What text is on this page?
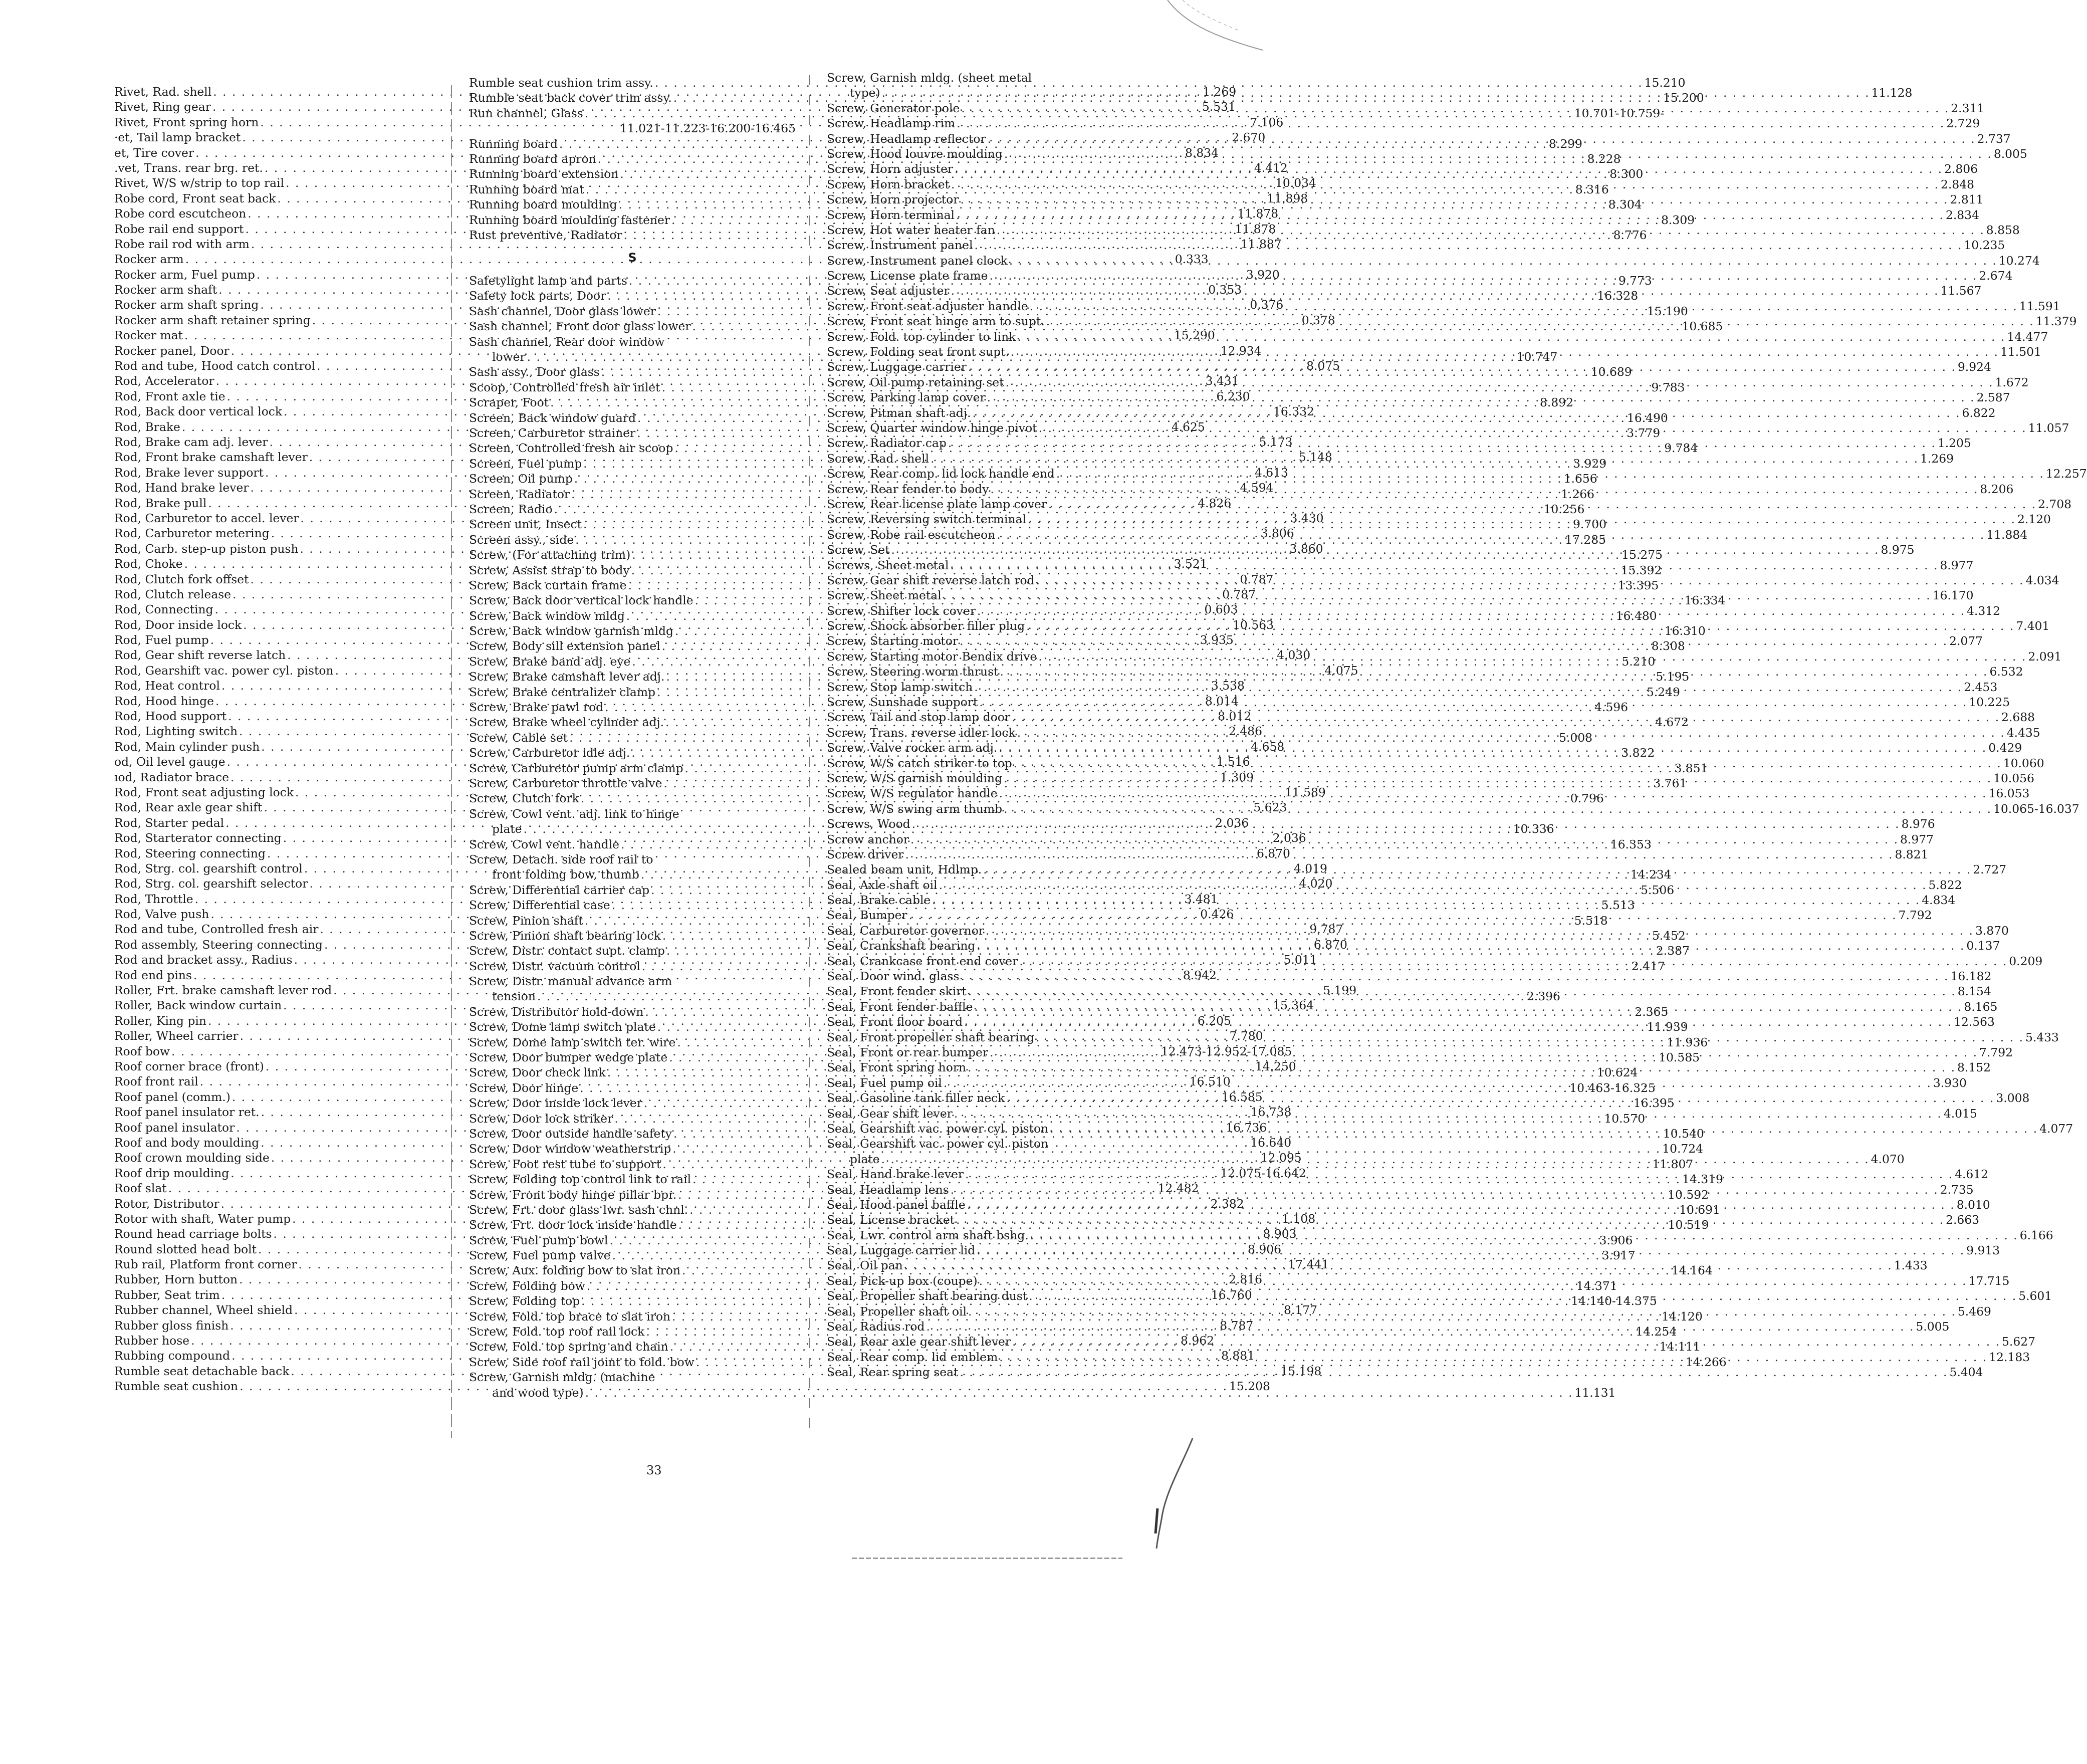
Rivet, Rad. shell . . .	1.269
Rivet, Ring gear . . .	5.531
Rivet, Front spring horn . . .	7.106
·et, Tail lamp bracket . . .	2.670
et, Tire cover . . .	8.834
.vet, Trans. rear brg. ret. . . .	4.412
Rivet, W/S w/strip to top rail . . .	10.034
Robe cord, Front seat back . . .	11.898
Robe cord escutcheon . . .	11.878
Robe rail end support . . .	11.878
Robe rail rod with arm . . .	11.887
Rocker arm . . .	0.333
Rocker arm, Fuel pump . . .	3.920
Rocker arm shaft . . .	0.353
Rocker arm shaft spring . . .	0.376
Rocker arm shaft retainer spring . . .	0.378
Rocker mat . . .	15.290
Rocker panel, Door . . .	12.934
Rod and tube, Hood catch control . . .	8.075
Rod, Accelerator . . .	3.431
Rod, Front axle tie . . .	6.230
Rod, Back door vertical lock . . .	16.332
Rod, Brake . . .	4.625
Rod, Brake cam adj. lever . . .	5.173
Rod, Front brake camshaft lever . . .	5.148
Rod, Brake lever support . . .	4.613
Rod, Hand brake lever . . .	4.594
Rod, Brake pull . . .	4.826
Rod, Carburetor to accel. lever . . .	3.430
Rod, Carburetor metering . . .	3.806
Rod, Carb. step-up piston push . . .	3.860
Rod, Choke . . .	3.521
Rod, Clutch fork offset . . .	0.787
Rod, Clutch release . . .	0.787
Rod, Connecting . . .	0.603
Rod, Door inside lock . . .	10.563
Rod, Fuel pump . . .	3.935
Rod, Gear shift reverse latch . . .	4.030
Rod, Gearshift vac. power cyl. piston . . .	4.075
Rod, Heat control . . .	3.538
Rod, Hood hinge . . .	8.014
Rod, Hood support . . .	8.012
Rod, Lighting switch . . .	2.486
Rod, Main cylinder push . . .	4.658
od, Oil level gauge . . .	1.516
ıod, Radiator brace . . .	1.309
Rod, Front seat adjusting lock . . .	11.589
Rod, Rear axle gear shift . . .	5.623
Rod, Starter pedal . . .	2.036
Rod, Starterator connecting . . .	2.036
Rod, Steering connecting . . .	6.870
Rod, Strg. col. gearshift control . . .	4.019
Rod, Strg. col. gearshift selector . . .	4.020
Rod, Throttle . . .	3.481
Rod, Valve push . . .	0.426
Rod and tube, Controlled fresh air . . .	9.787
Rod assembly, Steering connecting . . .	6.870
Rod and bracket assy., Radius . . .	5.011
Rod end pins . . .	8.942
Roller, Frt. brake camshaft lever rod . . .	5.199
Roller, Back window curtain . . .	15.364
Roller, King pin . . .	6.205
Roller, Wheel carrier . . .	7.780
Roof bow . . .	12.473-12.952-17.085
Roof corner brace (front) . . .	14.250
Roof front rail . . .	16.510
Roof panel (comm.) . . .	16.585
Roof panel insulator ret. . . .	16.738
Roof panel insulator . . .	16.736
Roof and body moulding . . .	16.640
Roof crown moulding side . . .	12.095
Roof drip moulding . . .	12.075-16.642
Roof slat . . .	12.482
Rotor, Distributor . . .	2.382
Rotor with shaft, Water pump . . .	1.108
Round head carriage bolts . . .	8.903
Round slotted head bolt . . .	8.906
Rub rail, Platform front corner . . .	17.441
Rubber, Horn button . . .	2.816
Rubber, Seat trim . . .	16.760
Rubber channel, Wheel shield . . .	8.177
Rubber gloss finish . . .	8.787
Rubber hose . . .	8.962
Rubbing compound . . .	8.881
Rumble seat detachable back . . .	15.198
Rumble seat cushion . . .	15.208
Rumble seat cushion trim assy. . . .	15.210
Rumble seat back cover trim assy. . . .	15.200
Run channel, Glass . . .	10.701-10.759-
11.021-11.223-16.200-16.465
Running board . . .	8.299
Running board apron . . .	8.228
Running board extension . . .	8.300
Running board mat . . .	8.316
Running board moulding . . .	8.304
Running board moulding fastener . . .	8.309
Rust preventive, Radiator . . .	8.776
S
Safetylight lamp and parts . . .	9.773
Safety lock parts, Door . . .	16.328
Sash channel, Door glass lower . . .	15.190
Sash channel, Front door glass lower . . .	10.685
Sash channel, Rear door window
lower . . .	10.747
Sash assy., Door glass . . .	10.689
Scoop, Controlled fresh air inlet . . .	9.783
Scraper, Foot . . .	8.892
Screen, Back window guard . . .	16.490
Screen, Carburetor strainer . . .	3.779
Screen, Controlled fresh air scoop . . .	9.784
Screen, Fuel pump . . .	3.929
Screen, Oil pump . . .	1.656
Screen, Radiator . . .	1.266
Screen, Radio . . .	10.256
Screen unit, Insect . . .	9.700
Screen assy., side . . .	17.285
Screw, (For attaching trim) . . .	15.275
Screw, Assist strap to body . . .	15.392
Screw, Back curtain frame . . .	13.395
Screw, Back door vertical lock handle . . .	16.334
Screw, Back window mldg . . .	16.480
Screw, Back window garnish mldg . . .	16.310
Screw, Body sill extension panel . . .	8.308
Screw, Brake band adj. eye . . .	5.210
Screw, Brake camshaft lever adj. . . .	5.195
Screw, Brake centralizer clamp . . .	5.249
Screw, Brake pawl rod . . .	4.596
Screw, Brake wheel cylinder adj. . . .	4.672
Screw, Cable set . . .	5.008
Screw, Carburetor idle adj. . . .	3.822
Screw, Carburetor pump arm clamp . . .	3.851
Screw, Carburetor throttle valve . . .	3.761
Screw, Clutch fork . . .	0.796
Screw, Cowl vent. adj. link to hinge
plate . . .	10.336
Screw, Cowl vent. handle . . .	16.353
Screw, Detach. side roof rail to
front folding bow, thumb . . .	14.234
Screw, Differential carrier cap . . .	5.506
Screw, Differential case . . .	5.513
Screw, Pinion shaft . . .	5.518
Screw, Pinion shaft bearing lock . . .	5.452
Screw, Distr. contact supt. clamp . . .	2.387
Screw, Distr. vacuum control . . .	2.417
Screw, Distr. manual advance arm
tension . . .	2.396
Screw, Distributor hold-down . . .	2.365
Screw, Dome lamp switch plate . . .	11.939
Screw, Dome lamp switch ter. wire . . .	11.936
Screw, Door bumper wedge plate . . .	10.585
Screw, Door check link . . .	10.624
Screw, Door hinge . . .	10.463-16.325
Screw, Door inside lock lever . . .	16.395
Screw, Door lock striker . . .	10.570
Screw, Door outside handle safety . . .	10.540
Screw, Door window weatherstrip . . .	10.724
Screw, Foot rest tube to support . . .	11.807
Screw, Folding top control link to rail . . .	14.319
Screw, Front body hinge pillar bpr. . . .	10.592
Screw, Frt. door glass lwr. sash chnl. . . .	10.691
Screw, Frt. door lock inside handle . . .	10.519
Screw, Fuel pump bowl . . .	3.906
Screw, Fuel pump valve . . .	3.917
Screw, Aux. folding bow to slat iron . . .	14.164
Screw, Folding bow . . .	14.371
Screw, Folding top . . .	14.140-14.375
Screw, Fold. top brace to slat iron . . .	14.120
Screw, Fold. top roof rail lock . . .	14.254
Screw, Fold. top spring and chain . . .	14.111
Screw, Side roof rail joint to fold. bow . . .	14.266
Screw, Garnish mldg. (machine
and wood type) . . .	11.131
Screw, Garnish mldg. (sheet metal
type) . . .	11.128
Screw, Generator pole . . .	2.311
Screw, Headlamp rim . . .	2.729
Screw, Headlamp reflector . . .	2.737
Screw, Hood louvre moulding . . .	8.005
Screw, Horn adjuster . . .	2.806
Screw, Horn bracket . . .	2.848
Screw, Horn projector . . .	2.811
Screw, Horn terminal . . .	2.834
Screw, Hot water heater fan . . .	8.858
Screw, Instrument panel . . .	10.235
Screw, Instrument panel clock . . .	10.274
Screw, License plate frame . . .	2.674
Screw, Seat adjuster . . .	11.567
Screw, Front seat adjuster handle . . .	11.591
Screw, Front seat hinge arm to supt. . . .	11.379
Screw, Fold. top cylinder to link . . .	14.477
Screw, Folding seat front supt. . . .	11.501
Screw, Luggage carrier . . .	9.924
Screw, Oil pump retaining set . . .	1.672
Screw, Parking lamp cover . . .	2.587
Screw, Pitman shaft adj. . . .	6.822
Screw, Quarter window hinge pivot . . .	11.057
Screw, Radiator cap . . .	1.205
Screw, Rad. shell . . .	1.269
Screw, Rear comp. lid lock handle end . . .	12.257
Screw, Rear fender to body . . .	8.206
Screw, Rear license plate lamp cover . . .	2.708
Screw, Reversing switch terminal . . .	2.120
Screw, Robe rail escutcheon . . .	11.884
Screw, Set . . .	8.975
Screws, Sheet metal . . .	8.977
Screw, Gear shift reverse latch rod . . .	4.034
Screw, Sheet metal . . .	16.170
Screw, Shifter lock cover . . .	4.312
Screw, Shock absorber filler plug . . .	7.401
Screw, Starting motor . . .	2.077
Screw, Starting motor Bendix drive . . .	2.091
Screw, Steering worm thrust . . .	6.532
Screw, Stop lamp switch . . .	2.453
Screw, Sunshade support . . .	10.225
Screw, Tail and stop lamp door . . .	2.688
Screw, Trans. reverse idler lock . . .	4.435
Screw, Valve rocker arm adj. . . .	0.429
Screw, W/S catch striker to top . . .	10.060
Screw, W/S garnish moulding . . .	10.056
Screw, W/S regulator handle . . .	16.053
Screw, W/S swing arm thumb . . .	10.065-16.037
Screws, Wood . . .	8.976
Screw anchor . . .	8.977
Screw driver . . .	8.821
Sealed beam unit, Hdlmp. . . .	2.727
Seal, Axle shaft oil . . .	5.822
Seal, Brake cable . . .	4.834
Seal, Bumper . . .	7.792
Seal, Carburetor governor . . .	3.870
Seal, Crankshaft bearing . . .	0.137
Seal, Crankcase front end cover . . .	0.209
Seal, Door wind. glass . . .	16.182
Seal, Front fender skirt . . .	8.154
Seal, Front fender baffle . . .	8.165
Seal, Front floor board . . .	12.563
Seal, Front propeller shaft bearing . . .	5.433
Seal, Front or rear bumper . . .	7.792
Seal, Front spring horn . . .	8.152
Seal, Fuel pump oil . . .	3.930
Seal, Gasoline tank filler neck . . .	3.008
Seal, Gear shift lever . . .	4.015
Seal, Gearshift vac. power cyl. piston . . .	4.077
Seal, Gearshift vac. power cyl. piston
plate . . .	4.070
Seal, Hand brake lever . . .	4.612
Seal, Headlamp lens . . .	2.735
Seal, Hood panel baffle . . .	8.010
Seal, License bracket . . .	2.663
Seal, Lwr. control arm shaft bshg. . . .	6.166
Seal, Luggage carrier lid . . .	9.913
Seal, Oil pan . . .	1.433
Seal, Pick-up box (coupe) . . .	17.715
Seal, Propeller shaft bearing dust . . .	5.601
Seal, Propeller shaft oil . . .	5.469
Seal, Radius rod . . .	5.005
Seal, Rear axle gear shift lever . . .	5.627
Seal, Rear comp. lid emblem . . .	12.183
Seal, Rear spring seat . . .	5.404
33
